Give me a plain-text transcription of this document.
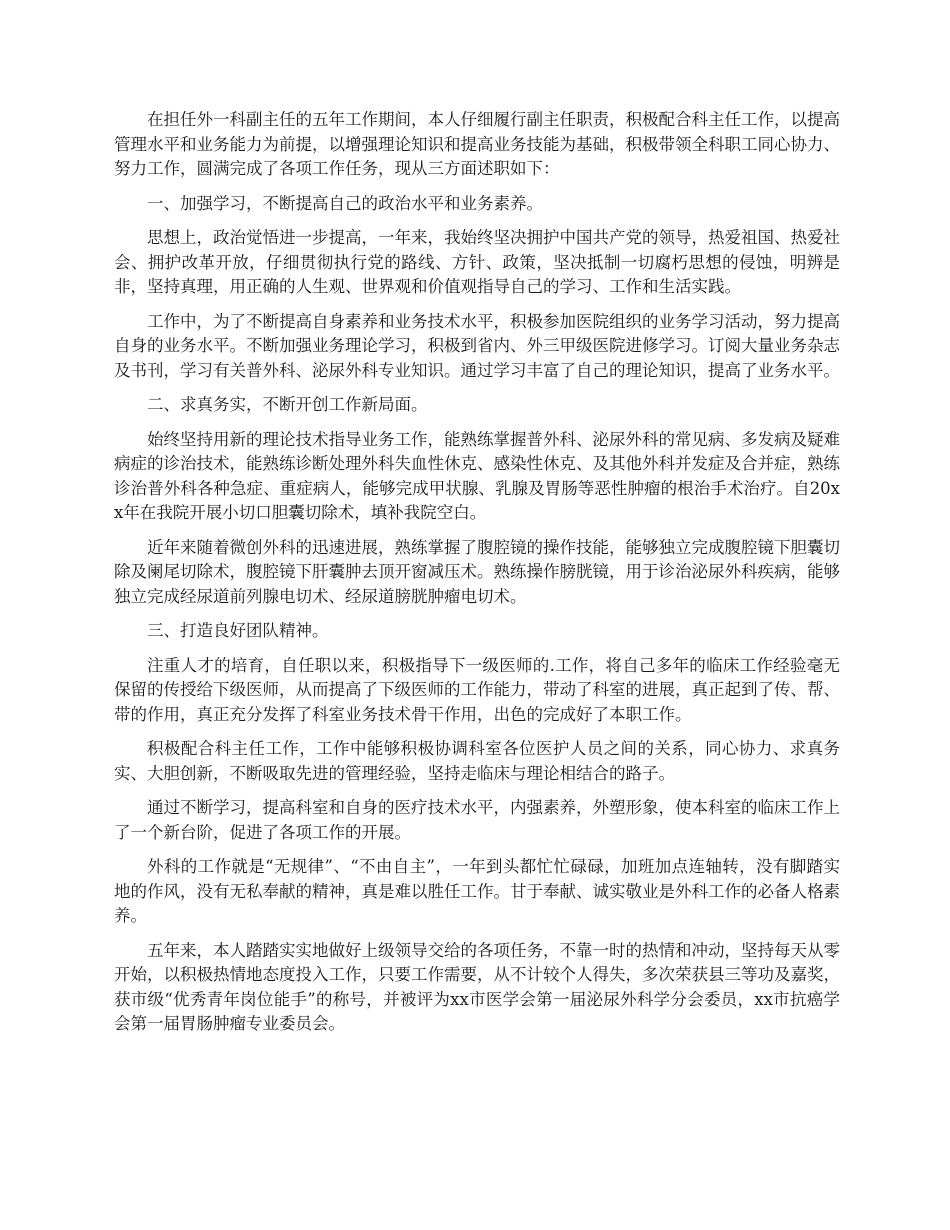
在担任外一科副主任的五年工作期间，本人仔细履行副主任职责，积极配合科主任工作，以提高管理水平和业务能力为前提，以增强理论知识和提高业务技能为基础，积极带领全科职工同心协力、努力工作，圆满完成了各项工作任务，现从三方面述职如下：

一、加强学习，不断提高自己的政治水平和业务素养。

思想上，政治觉悟进一步提高，一年来，我始终坚决拥护中国共产党的领导，热爱祖国、热爱社会、拥护改革开放，仔细贯彻执行党的路线、方针、政策，坚决抵制一切腐朽思想的侵蚀，明辨是非，坚持真理，用正确的人生观、世界观和价值观指导自己的学习、工作和生活实践。

工作中，为了不断提高自身素养和业务技术水平，积极参加医院组织的业务学习活动，努力提高自身的业务水平。不断加强业务理论学习，积极到省内、外三甲级医院进修学习。订阅大量业务杂志及书刊，学习有关普外科、泌尿外科专业知识。通过学习丰富了自己的理论知识，提高了业务水平。

二、求真务实，不断开创工作新局面。

始终坚持用新的理论技术指导业务工作，能熟练掌握普外科、泌尿外科的常见病、多发病及疑难病症的诊治技术，能熟练诊断处理外科失血性休克、感染性休克、及其他外科并发症及合并症，熟练诊治普外科各种急症、重症病人，能够完成甲状腺、乳腺及胃肠等恶性肿瘤的根治手术治疗。自20xx年在我院开展小切口胆囊切除术，填补我院空白。

近年来随着微创外科的迅速进展，熟练掌握了腹腔镜的操作技能，能够独立完成腹腔镜下胆囊切除及阑尾切除术，腹腔镜下肝囊肿去顶开窗减压术。熟练操作膀胱镜，用于诊治泌尿外科疾病，能够独立完成经尿道前列腺电切术、经尿道膀胱肿瘤电切术。

三、打造良好团队精神。

注重人才的培育，自任职以来，积极指导下一级医师的.工作，将自己多年的临床工作经验毫无保留的传授给下级医师，从而提高了下级医师的工作能力，带动了科室的进展，真正起到了传、帮、带的作用，真正充分发挥了科室业务技术骨干作用，出色的完成好了本职工作。

积极配合科主任工作，工作中能够积极协调科室各位医护人员之间的关系，同心协力、求真务实、大胆创新，不断吸取先进的管理经验，坚持走临床与理论相结合的路子。

通过不断学习，提高科室和自身的医疗技术水平，内强素养，外塑形象，使本科室的临床工作上了一个新台阶，促进了各项工作的开展。

外科的工作就是“无规律”、“不由自主”，一年到头都忙忙碌碌，加班加点连轴转，没有脚踏实地的作风，没有无私奉献的精神，真是难以胜任工作。甘于奉献、诚实敬业是外科工作的必备人格素养。

五年来，本人踏踏实实地做好上级领导交给的各项任务，不靠一时的热情和冲动，坚持每天从零开始，以积极热情地态度投入工作，只要工作需要，从不计较个人得失，多次荣获县三等功及嘉奖，获市级“优秀青年岗位能手”的称号，并被评为xx市医学会第一届泌尿外科学分会委员，xx市抗癌学会第一届胃肠肿瘤专业委员会。
